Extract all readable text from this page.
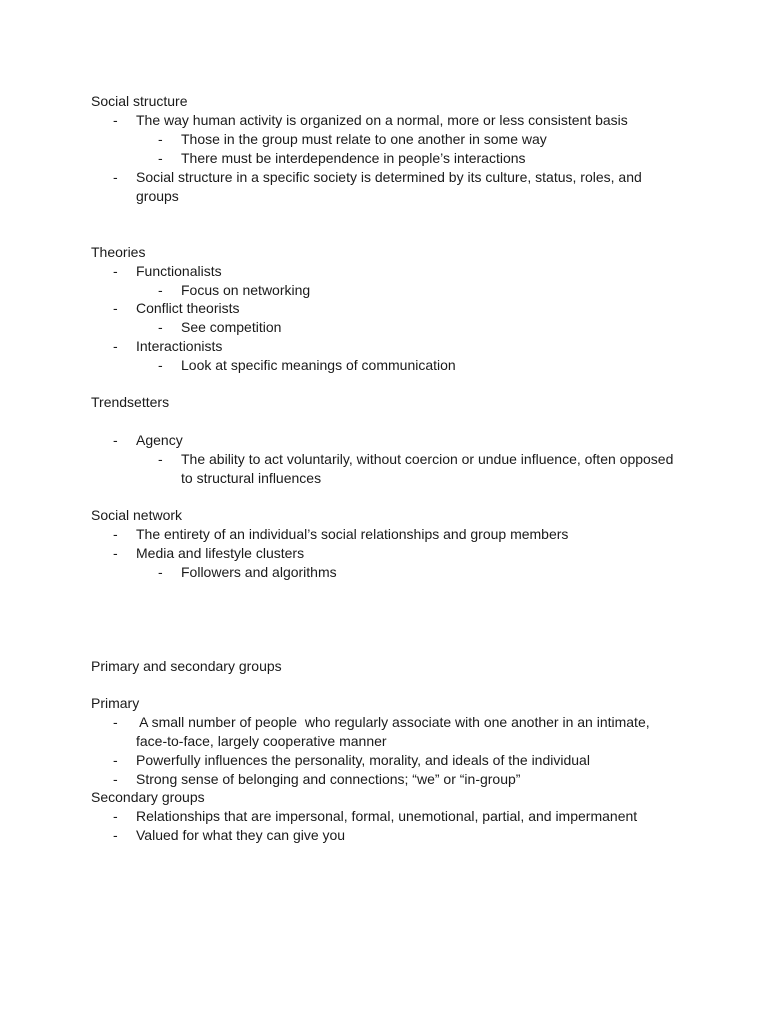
Social structure
- The way human activity is organized on a normal, more or less consistent basis
- Those in the group must relate to one another in some way
- There must be interdependence in people’s interactions
- Social structure in a specific society is determined by its culture, status, roles, and
groups
Theories
- Functionalists
- Focus on networking
- Conflict theorists
- See competition
- Interactionists
- Look at specific meanings of communication
Trendsetters
- Agency
- The ability to act voluntarily, without coercion or undue influence, often opposed
to structural influences
Social network
- The entirety of an individual’s social relationships and group members
- Media and lifestyle clusters
- Followers and algorithms
Primary and secondary groups
Primary
- A small number of people  who regularly associate with one another in an intimate,
face-to-face, largely cooperative manner
- Powerfully influences the personality, morality, and ideals of the individual
- Strong sense of belonging and connections; “we” or “in-group”
Secondary groups
- Relationships that are impersonal, formal, unemotional, partial, and impermanent
- Valued for what they can give you
